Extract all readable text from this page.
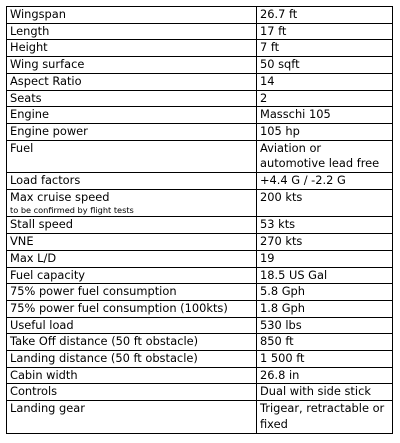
Wingspan	26.7 ft
Length	17 ft
Height	7 ft
Wing surface	50 sqft
Aspect Ratio	14
Seats	2
Engine	Masschi 105
Engine power	105 hp
Fuel	Aviation or automotive lead free
Load factors	+4.4 G / -2.2 G
Max cruise speed
to be confirmed by flight tests	200 kts
Stall speed	53 kts
VNE	270 kts
Max L/D	19
Fuel capacity	18.5 US Gal
75% power fuel consumption	5.8 Gph
75% power fuel consumption (100kts)	1.8 Gph
Useful load	530 lbs
Take Off distance (50 ft obstacle)	850 ft
Landing distance (50 ft obstacle)	1 500 ft
Cabin width	26.8 in
Controls	Dual with side stick
Landing gear	Trigear, retractable or fixed
